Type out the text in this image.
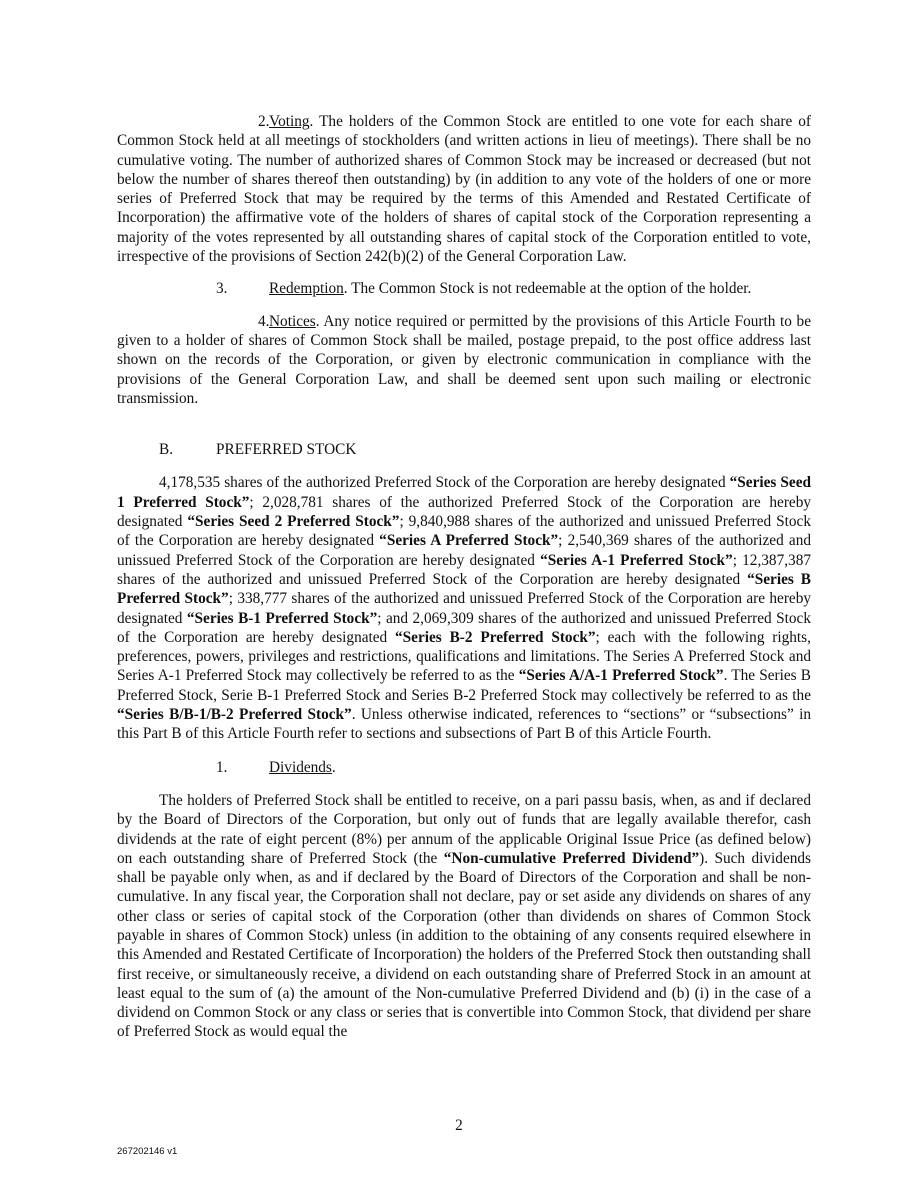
2.Voting. The holders of the Common Stock are entitled to one vote for each share of Common Stock held at all meetings of stockholders (and written actions in lieu of meetings). There shall be no cumulative voting. The number of authorized shares of Common Stock may be increased or decreased (but not below the number of shares thereof then outstanding) by (in addition to any vote of the holders of one or more series of Preferred Stock that may be required by the terms of this Amended and Restated Certificate of Incorporation) the affirmative vote of the holders of shares of capital stock of the Corporation representing a majority of the votes represented by all outstanding shares of capital stock of the Corporation entitled to vote, irrespective of the provisions of Section 242(b)(2) of the General Corporation Law.

3.	Redemption. The Common Stock is not redeemable at the option of the holder.

4.Notices. Any notice required or permitted by the provisions of this Article Fourth to be given to a holder of shares of Common Stock shall be mailed, postage prepaid, to the post office address last shown on the records of the Corporation, or given by electronic communication in compliance with the provisions of the General Corporation Law, and shall be deemed sent upon such mailing or electronic transmission.

B.	PREFERRED STOCK

4,178,535 shares of the authorized Preferred Stock of the Corporation are hereby designated “Series Seed 1 Preferred Stock”; 2,028,781 shares of the authorized Preferred Stock of the Corporation are hereby designated “Series Seed 2 Preferred Stock”; 9,840,988 shares of the authorized and unissued Preferred Stock of the Corporation are hereby designated “Series A Preferred Stock”; 2,540,369 shares of the authorized and unissued Preferred Stock of the Corporation are hereby designated “Series A-1 Preferred Stock”; 12,387,387 shares of the authorized and unissued Preferred Stock of the Corporation are hereby designated “Series B Preferred Stock”; 338,777 shares of the authorized and unissued Preferred Stock of the Corporation are hereby designated “Series B-1 Preferred Stock”; and 2,069,309 shares of the authorized and unissued Preferred Stock of the Corporation are hereby designated “Series B-2 Preferred Stock”; each with the following rights, preferences, powers, privileges and restrictions, qualifications and limitations. The Series A Preferred Stock and Series A-1 Preferred Stock may collectively be referred to as the “Series A/A-1 Preferred Stock”. The Series B Preferred Stock, Serie B-1 Preferred Stock and Series B-2 Preferred Stock may collectively be referred to as the “Series B/B-1/B-2 Preferred Stock”. Unless otherwise indicated, references to “sections” or “subsections” in this Part B of this Article Fourth refer to sections and subsections of Part B of this Article Fourth.

1.	Dividends.

The holders of Preferred Stock shall be entitled to receive, on a pari passu basis, when, as and if declared by the Board of Directors of the Corporation, but only out of funds that are legally available therefor, cash dividends at the rate of eight percent (8%) per annum of the applicable Original Issue Price (as defined below) on each outstanding share of Preferred Stock (the “Non-cumulative Preferred Dividend”). Such dividends shall be payable only when, as and if declared by the Board of Directors of the Corporation and shall be non-cumulative. In any fiscal year, the Corporation shall not declare, pay or set aside any dividends on shares of any other class or series of capital stock of the Corporation (other than dividends on shares of Common Stock payable in shares of Common Stock) unless (in addition to the obtaining of any consents required elsewhere in this Amended and Restated Certificate of Incorporation) the holders of the Preferred Stock then outstanding shall first receive, or simultaneously receive, a dividend on each outstanding share of Preferred Stock in an amount at least equal to the sum of (a) the amount of the Non-cumulative Preferred Dividend and (b) (i) in the case of a dividend on Common Stock or any class or series that is convertible into Common Stock, that dividend per share of Preferred Stock as would equal the

2
267202146 v1
